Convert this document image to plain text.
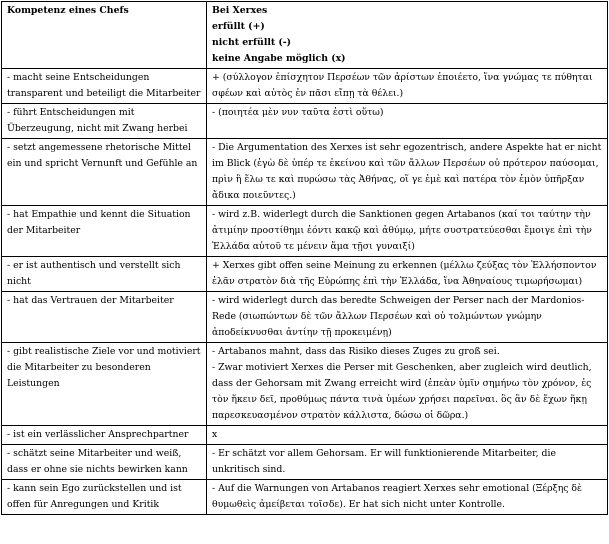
Kompetenz eines Chefs	Bei Xerxes
erfüllt (+)
nicht erfüllt (-)
keine Angabe möglich (x)

- macht seine Entscheidungen transparent und beteiligt die Mitarbeiter	+ (σύλλογον ἐπίσχητον Περσέων τῶν ἀρίστων ἐποιέετο, ἵνα γνώμας τε πύθηται σφέων καὶ αὐτὸς ἐν πᾶσι εἴπῃ τὰ θέλει.)

- führt Entscheidungen mit Überzeugung, nicht mit Zwang herbei	- (ποιητέα μὲν νυν ταῦτα ἐστὶ οὕτω)

- setzt angemessene rhetorische Mittel ein und spricht Vernunft und Gefühle an	- Die Argumentation des Xerxes ist sehr egozentrisch, andere Aspekte hat er nicht im Blick (ἐγὼ δὲ ὑπέρ τε ἐκείνου καὶ τῶν ἄλλων Περσέων οὐ πρότερον παύσομαι, πρὶν ἢ ἕλω τε καὶ πυρώσω τὰς Ἀθήνας, οἵ γε ἐμὲ καὶ πατέρα τὸν ἐμὸν ὑπῆρξαν ἄδικα ποιεῦντες.)

- hat Empathie und kennt die Situation der Mitarbeiter	- wird z.B. widerlegt durch die Sanktionen gegen Artabanos (καί τοι ταύτην τὴν ἀτιμίην προστίθημι ἐόντι κακῷ καὶ ἀθύμῳ, μήτε συστρατεύεσθαι ἔμοιγε ἐπὶ τὴν Ἑλλάδα αὐτοῦ τε μένειν ἅμα τῇσι γυναιξί)

- er ist authentisch und verstellt sich nicht	+ Xerxes gibt offen seine Meinung zu erkennen (μέλλω ζεύξας τὸν Ἑλλήσποντον ἐλᾶν στρατὸν διὰ τῆς Εὐρώπης ἐπὶ τὴν Ἑλλάδα, ἵνα Ἀθηναίους τιμωρήσωμαι)

- hat das Vertrauen der Mitarbeiter	- wird widerlegt durch das beredte Schweigen der Perser nach der Mardonios-Rede (σιωπώντων δὲ τῶν ἄλλων Περσέων καὶ οὐ τολμώντων γνώμην ἀποδείκνυσθαι ἀντίην τῇ προκειμένῃ)

- gibt realistische Ziele vor und motiviert die Mitarbeiter zu besonderen Leistungen	- Artabanos mahnt, dass das Risiko dieses Zuges zu groß sei.
- Zwar motiviert Xerxes die Perser mit Geschenken, aber zugleich wird deutlich, dass der Gehorsam mit Zwang erreicht wird (ἐπεὰν ὑμῖν σημήνω τὸν χρόνον, ἐς τὸν ἥκειν δεῖ, προθύμως πάντα τινὰ ὑμέων χρήσει παρεῖναι. ὃς ἂν δὲ ἔχων ἥκῃ παρεσκευασμένον στρατὸν κάλλιστα, δώσω οἱ δῶρα.)

- ist ein verlässlicher Ansprechpartner	x

- schätzt seine Mitarbeiter und weiß, dass er ohne sie nichts bewirken kann	- Er schätzt vor allem Gehorsam. Er will funktionierende Mitarbeiter, die unkritisch sind.

- kann sein Ego zurückstellen und ist offen für Anregungen und Kritik	- Auf die Warnungen von Artabanos reagiert Xerxes sehr emotional (Ξέρξης δὲ θυμωθεὶς ἀμείβεται τοῖσδε). Er hat sich nicht unter Kontrolle.
